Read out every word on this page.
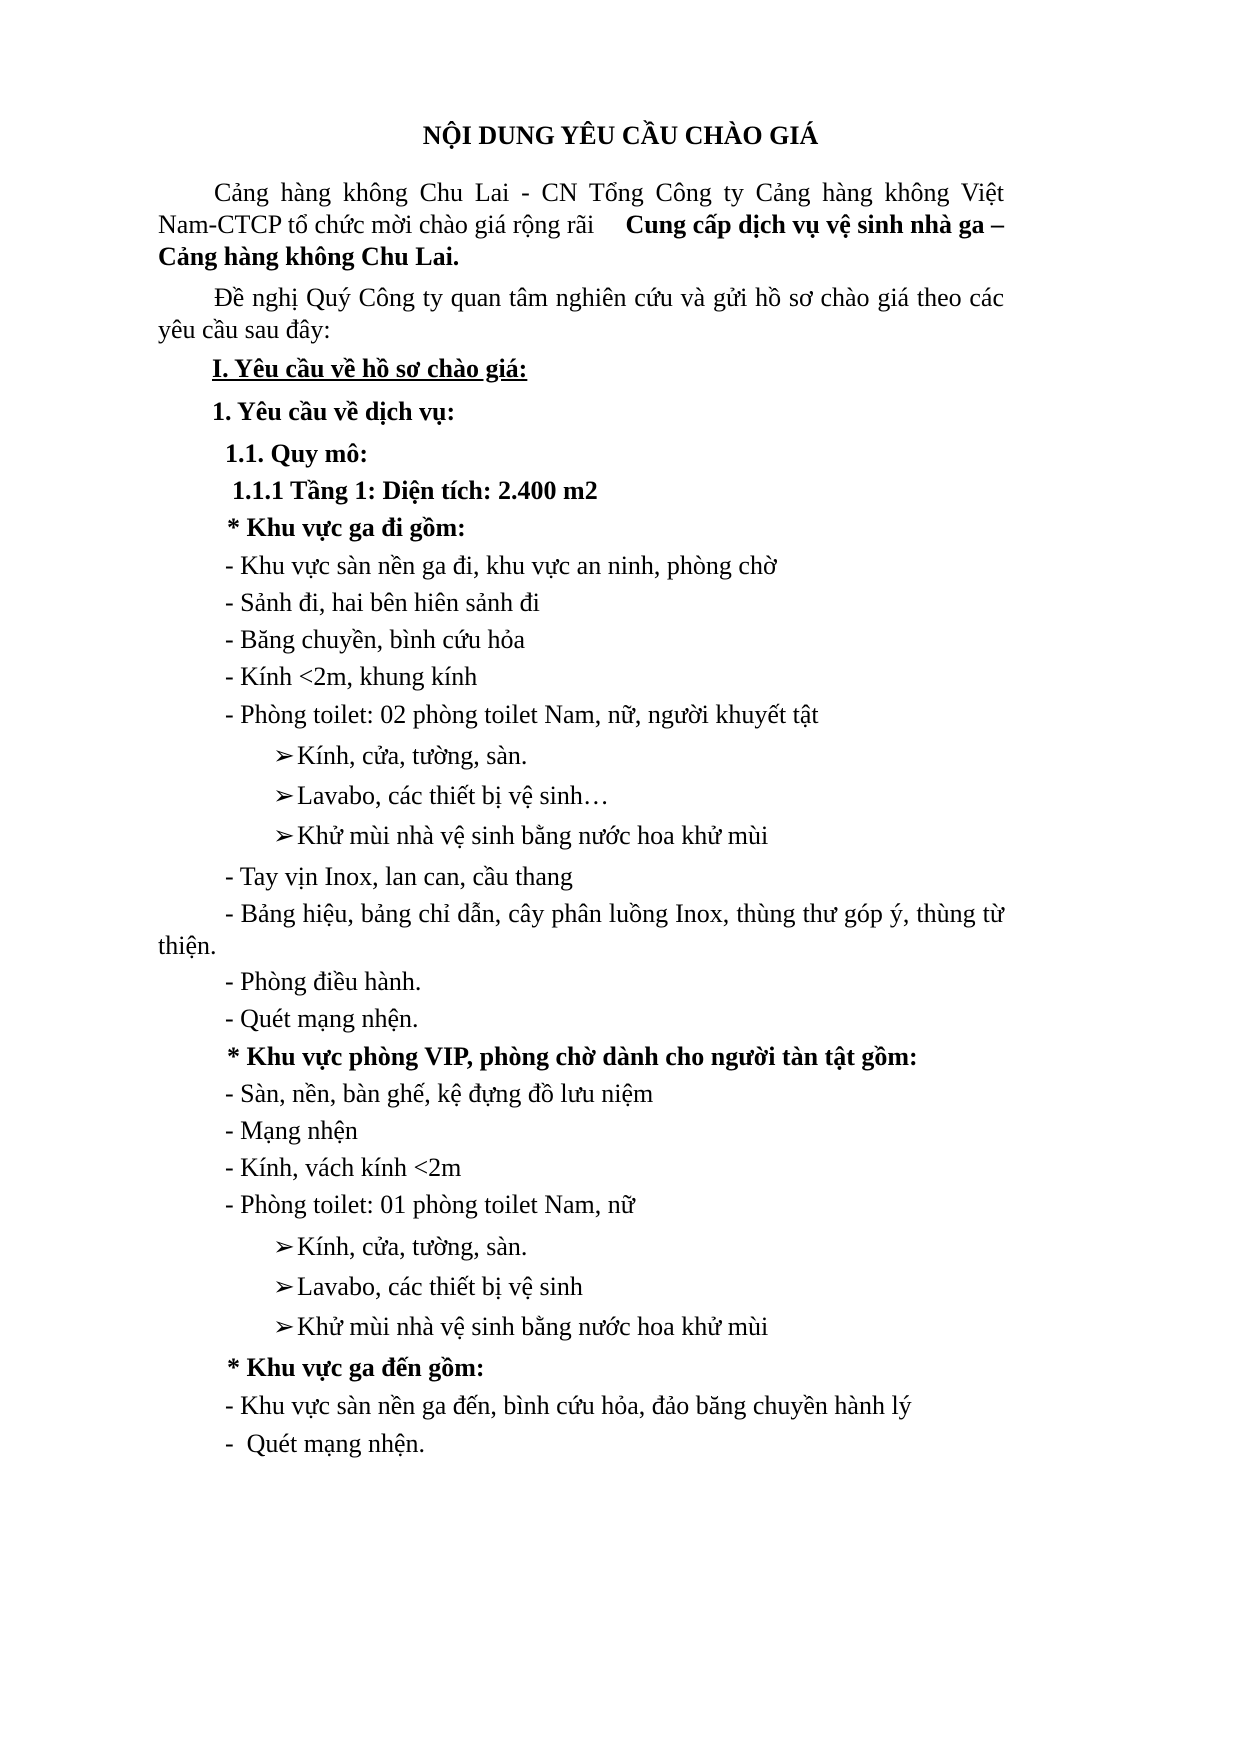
NỘI DUNG YÊU CẦU CHÀO GIÁ
Cảng hàng không Chu Lai - CN Tổng Công ty Cảng hàng không Việt
Nam-CTCP tổ chức mời chào giá rộng rãi Cung cấp dịch vụ vệ sinh nhà ga –
Cảng hàng không Chu Lai.
Đề nghị Quý Công ty quan tâm nghiên cứu và gửi hồ sơ chào giá theo các
yêu cầu sau đây:
I. Yêu cầu về hồ sơ chào giá:
1. Yêu cầu về dịch vụ:
1.1. Quy mô:
1.1.1 Tầng 1: Diện tích: 2.400 m2
* Khu vực ga đi gồm:
- Khu vực sàn nền ga đi, khu vực an ninh, phòng chờ
- Sảnh đi, hai bên hiên sảnh đi
- Băng chuyền, bình cứu hỏa
- Kính <2m, khung kính
- Phòng toilet: 02 phòng toilet Nam, nữ, người khuyết tật
➢Kính, cửa, tường, sàn.
➢Lavabo, các thiết bị vệ sinh…
➢Khử mùi nhà vệ sinh bằng nước hoa khử mùi
- Tay vịn Inox, lan can, cầu thang
- Bảng hiệu, bảng chỉ dẫn, cây phân luồng Inox, thùng thư góp ý, thùng từ
thiện.
- Phòng điều hành.
- Quét mạng nhện.
* Khu vực phòng VIP, phòng chờ dành cho người tàn tật gồm:
- Sàn, nền, bàn ghế, kệ đựng đồ lưu niệm
- Mạng nhện
- Kính, vách kính <2m
- Phòng toilet: 01 phòng toilet Nam, nữ
➢Kính, cửa, tường, sàn.
➢Lavabo, các thiết bị vệ sinh
➢Khử mùi nhà vệ sinh bằng nước hoa khử mùi
* Khu vực ga đến gồm:
- Khu vực sàn nền ga đến, bình cứu hỏa, đảo băng chuyền hành lý
-  Quét mạng nhện.
